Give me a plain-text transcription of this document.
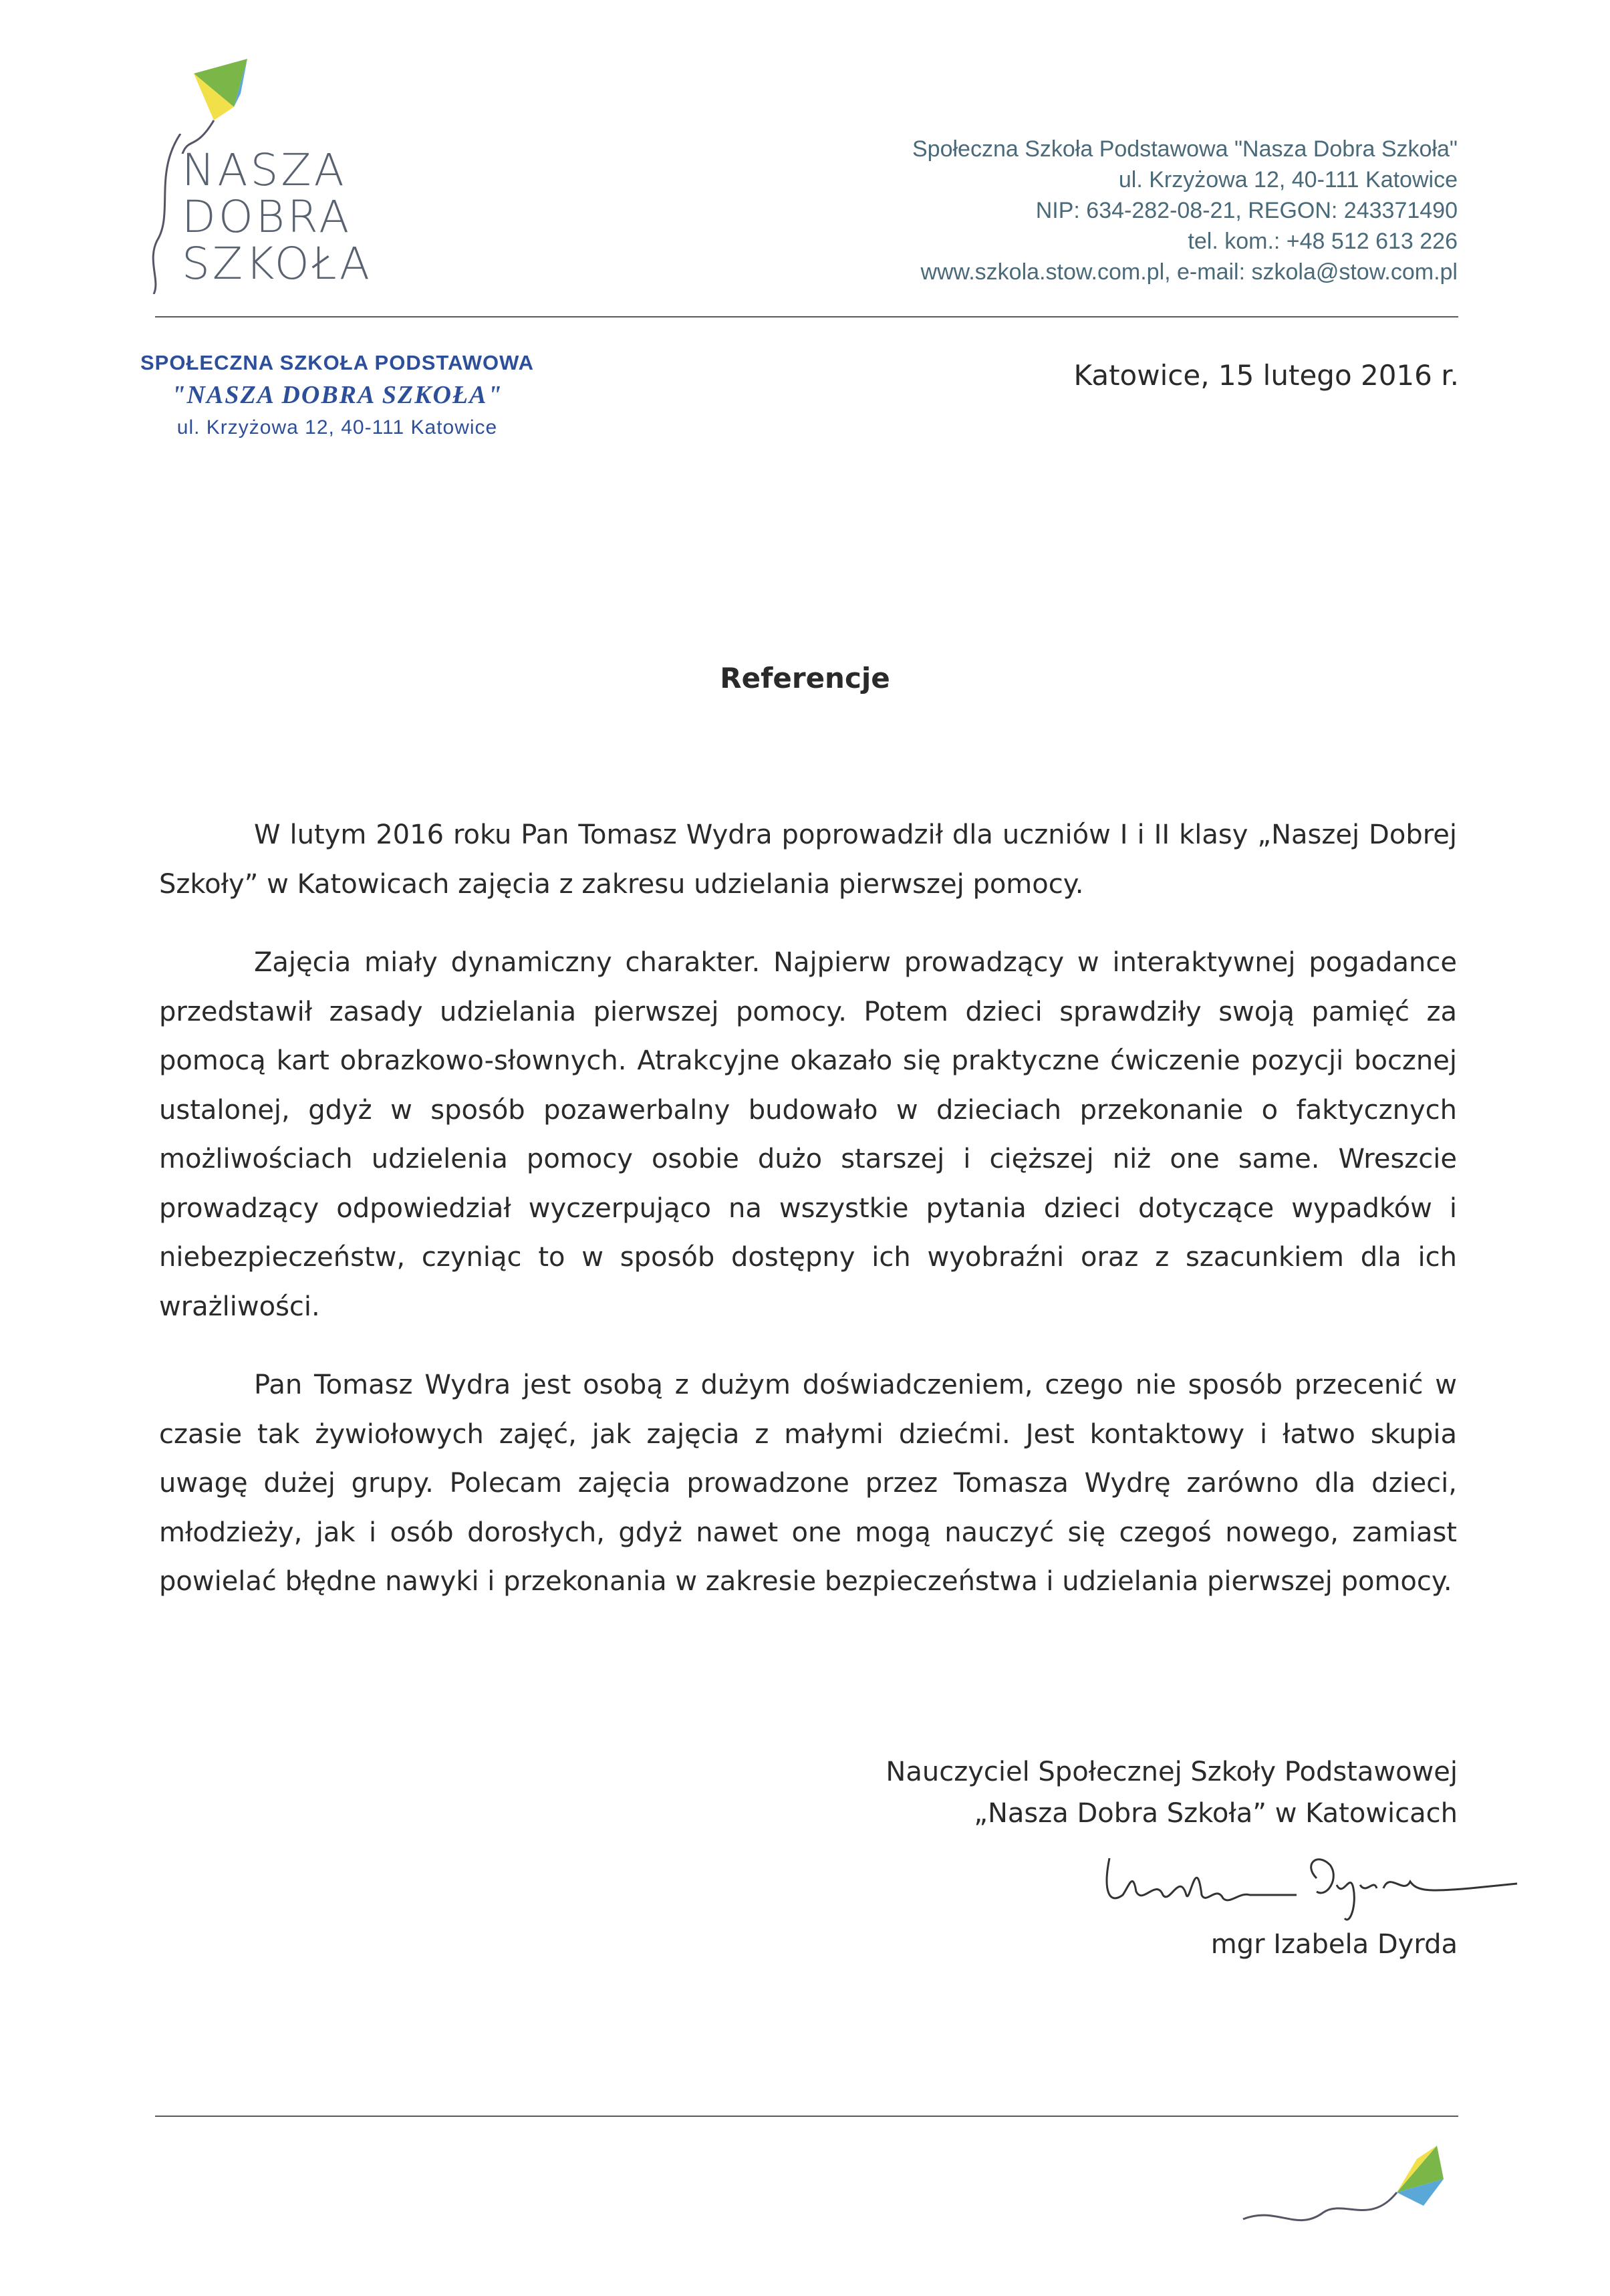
NASZA
DOBRA
SZKOŁA
Społeczna Szkoła Podstawowa "Nasza Dobra Szkoła"
ul. Krzyżowa 12, 40-111 Katowice
NIP: 634-282-08-21, REGON: 243371490
tel. kom.: +48 512 613 226
www.szkola.stow.com.pl, e-mail: szkola@stow.com.pl
SPOŁECZNA SZKOŁA PODSTAWOWA
"NASZA DOBRA SZKOŁA"
ul. Krzyżowa 12, 40-111 Katowice
Katowice, 15 lutego 2016 r.
Referencje

W lutym 2016 roku Pan Tomasz Wydra poprowadził dla uczniów I i II klasy „Naszej Dobrej Szkoły” w Katowicach zajęcia z zakresu udzielania pierwszej pomocy.

Zajęcia miały dynamiczny charakter. Najpierw prowadzący w interaktywnej pogadance przedstawił zasady udzielania pierwszej pomocy. Potem dzieci sprawdziły swoją pamięć za pomocą kart obrazkowo-słownych. Atrakcyjne okazało się praktyczne ćwiczenie pozycji bocznej ustalonej, gdyż w sposób pozawerbalny budowało w dzieciach przekonanie o faktycznych możliwościach udzielenia pomocy osobie dużo starszej i cięższej niż one same. Wreszcie prowadzący odpowiedział wyczerpująco na wszystkie pytania dzieci dotyczące wypadków i niebezpieczeństw, czyniąc to w sposób dostępny ich wyobraźni oraz z szacunkiem dla ich wrażliwości.

Pan Tomasz Wydra jest osobą z dużym doświadczeniem, czego nie sposób przecenić w czasie tak żywiołowych zajęć, jak zajęcia z małymi dziećmi. Jest kontaktowy i łatwo skupia uwagę dużej grupy. Polecam zajęcia prowadzone przez Tomasza Wydrę zarówno dla dzieci, młodzieży, jak i osób dorosłych, gdyż nawet one mogą nauczyć się czegoś nowego, zamiast powielać błędne nawyki i przekonania w zakresie bezpieczeństwa i udzielania pierwszej pomocy.

Nauczyciel Społecznej Szkoły Podstawowej
„Nasza Dobra Szkoła” w Katowicach
mgr Izabela Dyrda
